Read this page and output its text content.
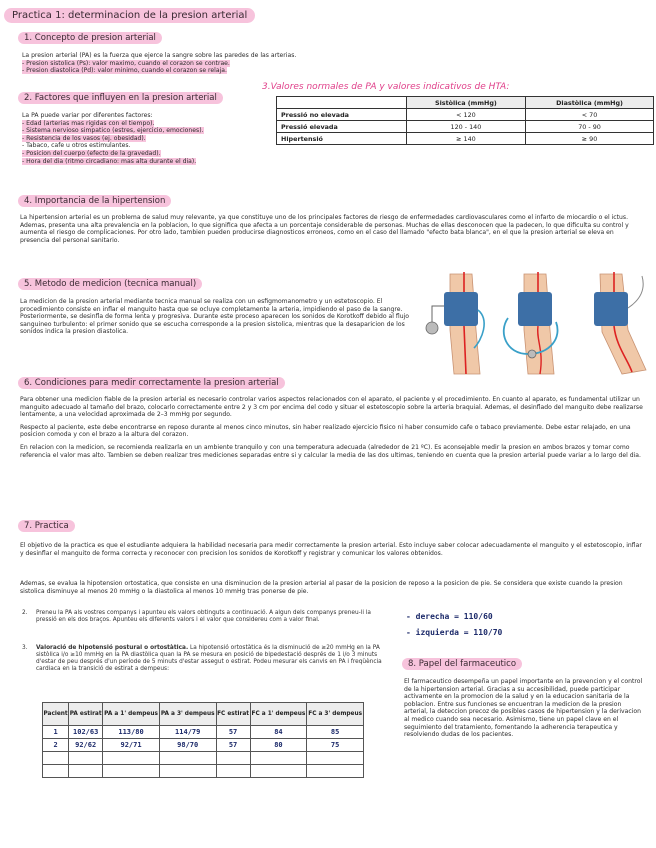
Practica 1: determinacion de la presion arterial
1. Concepto de presion arterial
La presion arterial (PA) es la fuerza que ejerce la sangre sobre las paredes de las arterias.
- Presion sistolica (Ps): valor maximo, cuando el corazon se contrae.
- Presion diastolica (Pd): valor minimo, cuando el corazon se relaja.
2. Factores que influyen en la presion arterial
La PA puede variar por diferentes factores:
- Edad (arterias mas rigidas con el tiempo).
- Sistema nervioso simpatico (estres, ejercicio, emociones).
- Resistencia de los vasos (ej. obesidad).
- Tabaco, cafe u otros estimulantes.
- Posicion del cuerpo (efecto de la gravedad).
- Hora del dia (ritmo circadiano: mas alta durante el dia).
3.Valores normales de PA y valores indicativos de HTA:
	Sistòlica (mmHg)	Diastòlica (mmHg)
Pressió no elevada	< 120	< 70
Pressió elevada	120 - 140	70 - 90
Hipertensió	≥ 140	≥ 90
4. Importancia de la hipertension
La hipertension arterial es un problema de salud muy relevante, ya que constituye uno de los principales factores de riesgo de enfermedades cardiovasculares como el infarto de miocardio o el ictus. Ademas, presenta una alta prevalencia en la poblacion, lo que significa que afecta a un porcentaje considerable de personas. Muchas de ellas desconocen que la padecen, lo que dificulta su control y aumenta el riesgo de complicaciones. Por otro lado, tambien pueden producirse diagnosticos erroneos, como en el caso del llamado "efecto bata blanca", en el que la presion arterial se eleva en presencia del personal sanitario.
5. Metodo de medicion (tecnica manual)
La medicion de la presion arterial mediante tecnica manual se realiza con un esfigmomanometro y un estetoscopio. El procedimiento consiste en inflar el manguito hasta que se ocluye completamente la arteria, impidiendo el paso de la sangre. Posteriormente, se desinfla de forma lenta y progresiva. Durante este proceso aparecen los sonidos de Korotkoff debido al flujo sanguineo turbulento: el primer sonido que se escucha corresponde a la presion sistolica, mientras que la desaparicion de los sonidos indica la presion diastolica.
6. Condiciones para medir correctamente la presion arterial
Para obtener una medicion fiable de la presion arterial es necesario controlar varios aspectos relacionados con el aparato, el paciente y el procedimiento. En cuanto al aparato, es fundamental utilizar un manguito adecuado al tamaño del brazo, colocarlo correctamente entre 2 y 3 cm por encima del codo y situar el estetoscopio sobre la arteria braquial. Ademas, el desinflado del manguito debe realizarse lentamente, a una velocidad aproximada de 2–3 mmHg por segundo.
Respecto al paciente, este debe encontrarse en reposo durante al menos cinco minutos, sin haber realizado ejercicio fisico ni haber consumido cafe o tabaco previamente. Debe estar relajado, en una posicion comoda y con el brazo a la altura del corazon.
En relacion con la medicion, se recomienda realizarla en un ambiente tranquilo y con una temperatura adecuada (alrededor de 21 ºC). Es aconsejable medir la presion en ambos brazos y tomar como referencia el valor mas alto. Tambien se deben realizar tres mediciones separadas entre si y calcular la media de las dos ultimas, teniendo en cuenta que la presion arterial puede variar a lo largo del dia.
7. Practica
El objetivo de la practica es que el estudiante adquiera la habilidad necesaria para medir correctamente la presion arterial. Esto incluye saber colocar adecuadamente el manguito y el estetoscopio, inflar y desinflar el manguito de forma correcta y reconocer con precision los sonidos de Korotkoff y registrar y comunicar los valores obtenidos.
Ademas, se evalua la hipotension ortostatica, que consiste en una disminucion de la presion arterial al pasar de la posicion de reposo a la posicion de pie. Se considera que existe cuando la presion sistolica disminuye al menos 20 mmHg o la diastolica al menos 10 mmHg tras ponerse de pie.
2. Preneu la PA als vostres companys i apunteu els valors obtinguts a continuació. A algun dels companys preneu-li la pressió en els dos braços. Apunteu els diferents valors i el valor que considereu com a valor final.
3. Valoració de hipotensió postural o ortostàtica. La hipotensió ortostàtica és la disminució de ≥20 mmHg en la PA sistòlica i/o ≥10 mmHg en la PA diastòlica quan la PA se mesura en posició de bipedestació després de 1 i/o 3 minuts d'estar de peu després d'un període de 5 minuts d'estar assegut o estirat. Podeu mesurar els canvis en PA i freqüència cardiaca en la transició de estirat a dempeus:
- derecha = 110/60
- izquierda = 110/70
Pacient	PA estirat	PA a 1' dempeus	PA a 3' dempeus	FC estirat	FC a 1' dempeus	FC a 3' dempeus
1	102/63	113/80	114/79	57	84	85
2	92/62	92/71	98/70	57	80	75

8. Papel del farmaceutico
El farmaceutico desempeña un papel importante en la prevencion y el control de la hipertension arterial. Gracias a su accesibilidad, puede participar activamente en la promocion de la salud y en la educacion sanitaria de la poblacion. Entre sus funciones se encuentran la medicion de la presion arterial, la deteccion precoz de posibles casos de hipertension y la derivacion al medico cuando sea necesario. Asimismo, tiene un papel clave en el seguimiento del tratamiento, fomentando la adherencia terapeutica y resolviendo dudas de los pacientes.
